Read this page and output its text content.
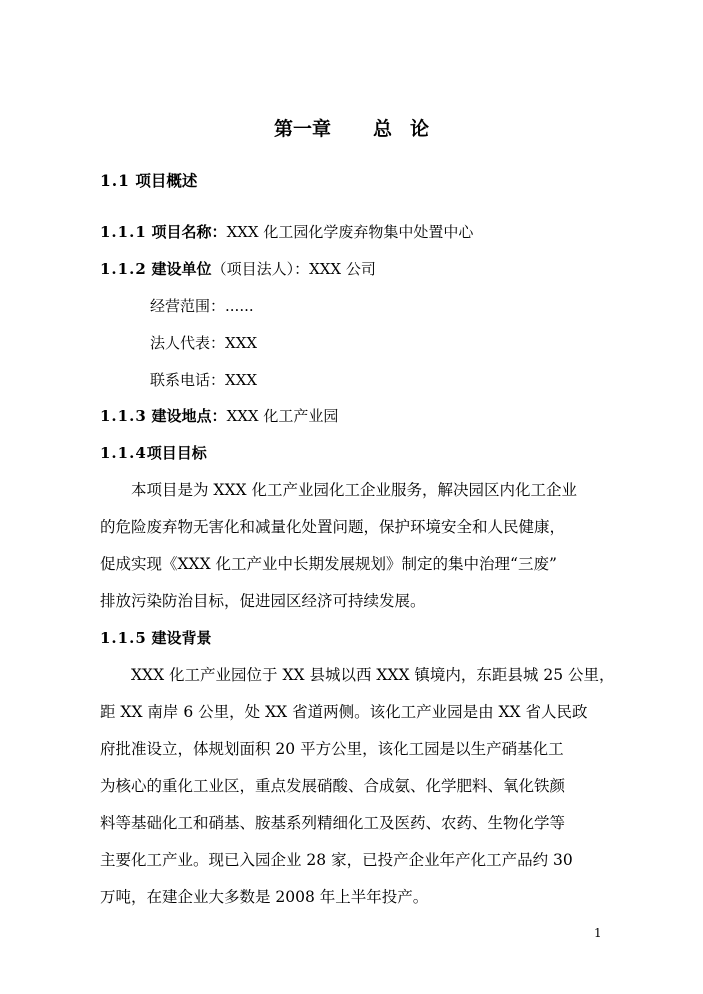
第一章 总 论
1.1 项目概述
1.1.1 项目名称：XXX 化工园化学废弃物集中处置中心
1.1.2 建设单位（项目法人）：XXX 公司
经营范围：......
法人代表：XXX
联系电话：XXX
1.1.3 建设地点：XXX 化工产业园
1.1.4项目目标
本项目是为 XXX 化工产业园化工企业服务，解决园区内化工企业
的危险废弃物无害化和减量化处置问题，保护环境安全和人民健康，
促成实现《XXX 化工产业中长期发展规划》制定的集中治理“三废”
排放污染防治目标，促进园区经济可持续发展。
1.1.5 建设背景
XXX 化工产业园位于 XX 县城以西 XXX 镇境内，东距县城 25 公里，
距 XX 南岸 6 公里，处 XX 省道两侧。该化工产业园是由 XX 省人民政
府批准设立，体规划面积 20 平方公里，该化工园是以生产硝基化工
为核心的重化工业区，重点发展硝酸、合成氨、化学肥料、氧化铁颜
料等基础化工和硝基、胺基系列精细化工及医药、农药、生物化学等
主要化工产业。现已入园企业 28 家，已投产企业年产化工产品约 30
万吨，在建企业大多数是 2008 年上半年投产。
1
